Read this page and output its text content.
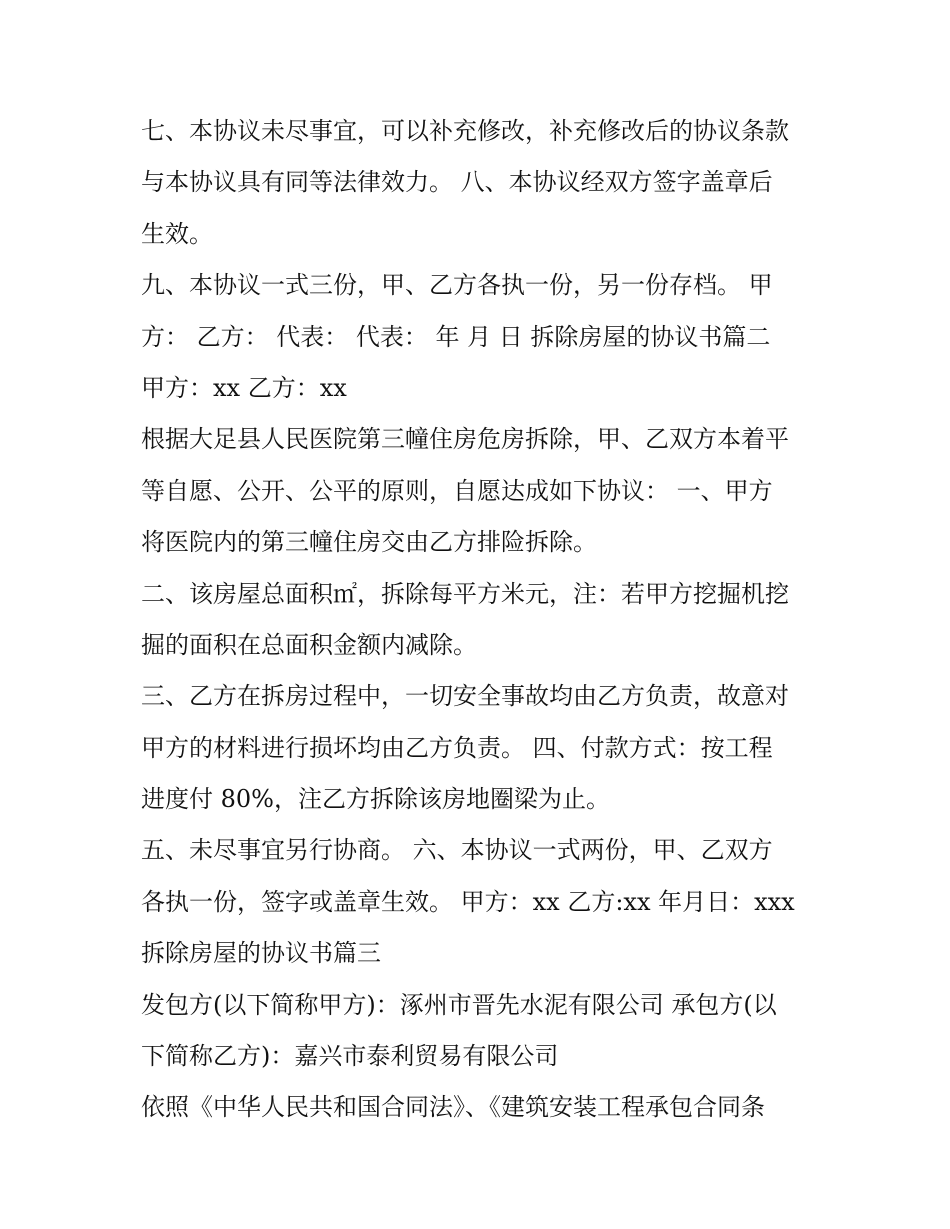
七、本协议未尽事宜，可以补充修改，补充修改后的协议条款
与本协议具有同等法律效力。 八、本协议经双方签字盖章后
生效。
九、本协议一式三份，甲、乙方各执一份，另一份存档。 甲
方： 乙方： 代表： 代表： 年 月 日 拆除房屋的协议书篇二
甲方：xx 乙方：xx
根据大足县人民医院第三幢住房危房拆除，甲、乙双方本着平
等自愿、公开、公平的原则，自愿达成如下协议： 一、甲方
将医院内的第三幢住房交由乙方排险拆除。
二、该房屋总面积㎡，拆除每平方米元，注：若甲方挖掘机挖
掘的面积在总面积金额内减除。
三、乙方在拆房过程中，一切安全事故均由乙方负责，故意对
甲方的材料进行损坏均由乙方负责。 四、付款方式：按工程
进度付 80%，注乙方拆除该房地圈梁为止。
五、未尽事宜另行协商。 六、本协议一式两份，甲、乙双方
各执一份，签字或盖章生效。 甲方：xx 乙方:xx 年月日：xxx
拆除房屋的协议书篇三
发包方(以下简称甲方)：涿州市晋先水泥有限公司 承包方(以
下简称乙方)：嘉兴市泰利贸易有限公司
依照《中华人民共和国合同法》、《建筑安装工程承包合同条
